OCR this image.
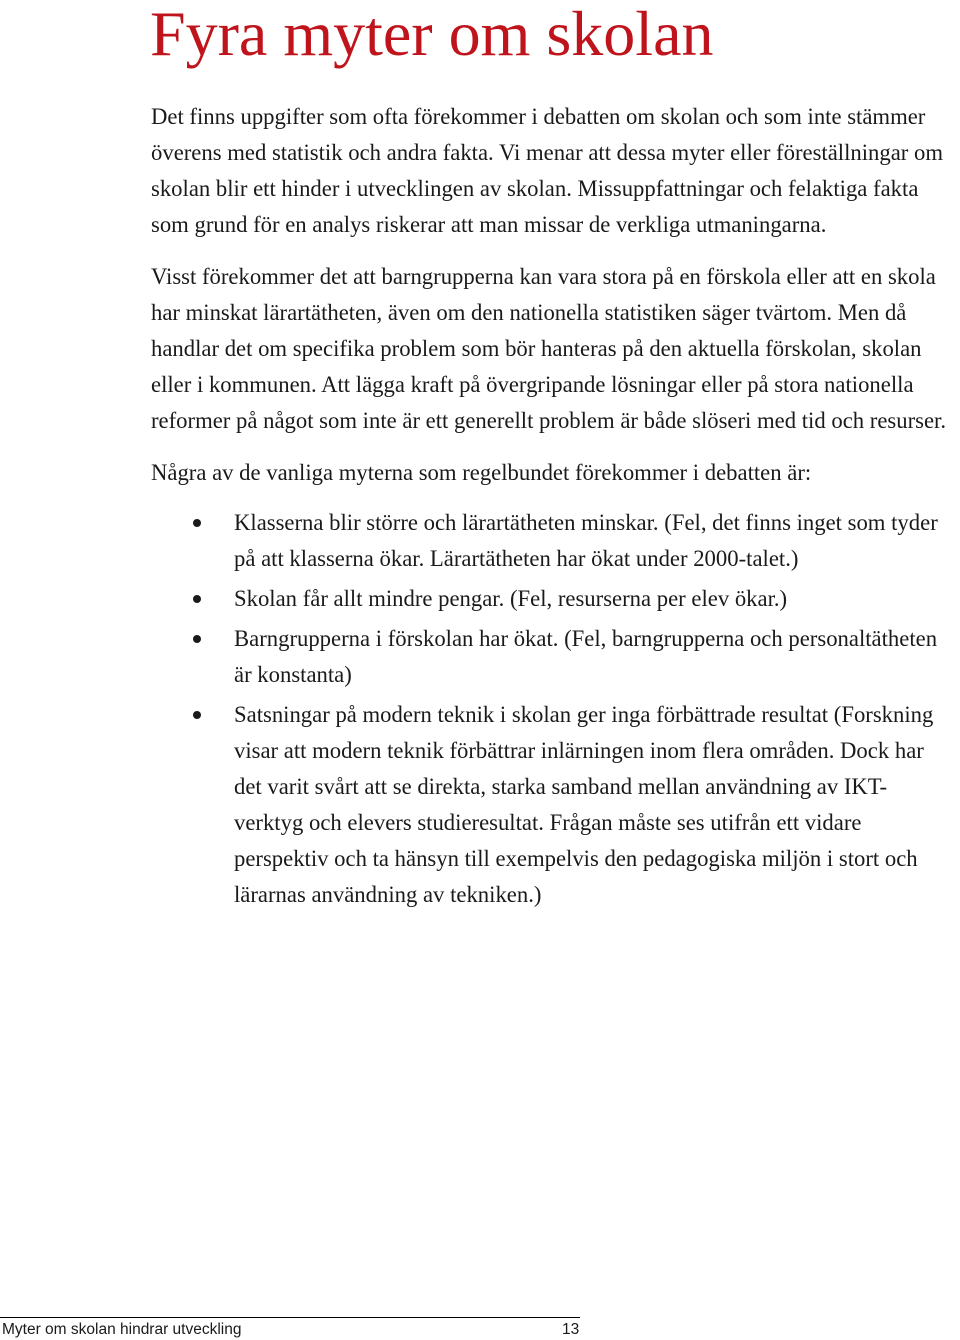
Fyra myter om skolan

Det finns uppgifter som ofta förekommer i debatten om skolan och som inte stämmer överens med statistik och andra fakta. Vi menar att dessa myter eller föreställningar om skolan blir ett hinder i utvecklingen av skolan. Missuppfattningar och felaktiga fakta som grund för en analys riskerar att man missar de verkliga utmaningarna.

Visst förekommer det att barngrupperna kan vara stora på en förskola eller att en skola har minskat lärartätheten, även om den nationella statistiken säger tvärtom. Men då handlar det om specifika problem som bör hanteras på den aktuella förskolan, skolan eller i kommunen. Att lägga kraft på övergripande lösningar eller på stora nationella reformer på något som inte är ett generellt problem är både slöseri med tid och resurser.

Några av de vanliga myterna som regelbundet förekommer i debatten är:

Klasserna blir större och lärartätheten minskar. (Fel, det finns inget som tyder på att klasserna ökar. Lärartätheten har ökat under 2000-talet.)
Skolan får allt mindre pengar. (Fel, resurserna per elev ökar.)
Barngrupperna i förskolan har ökat. (Fel, barngrupperna och personaltätheten är konstanta)
Satsningar på modern teknik i skolan ger inga förbättrade resultat (Forskning visar att modern teknik förbättrar inlärningen inom flera områden. Dock har det varit svårt att se direkta, starka samband mellan användning av IKT-verktyg och elevers studieresultat. Frågan måste ses utifrån ett vidare perspektiv och ta hänsyn till exempelvis den pedagogiska miljön i stort och lärarnas användning av tekniken.)
Myter om skolan hindrar utveckling	13
